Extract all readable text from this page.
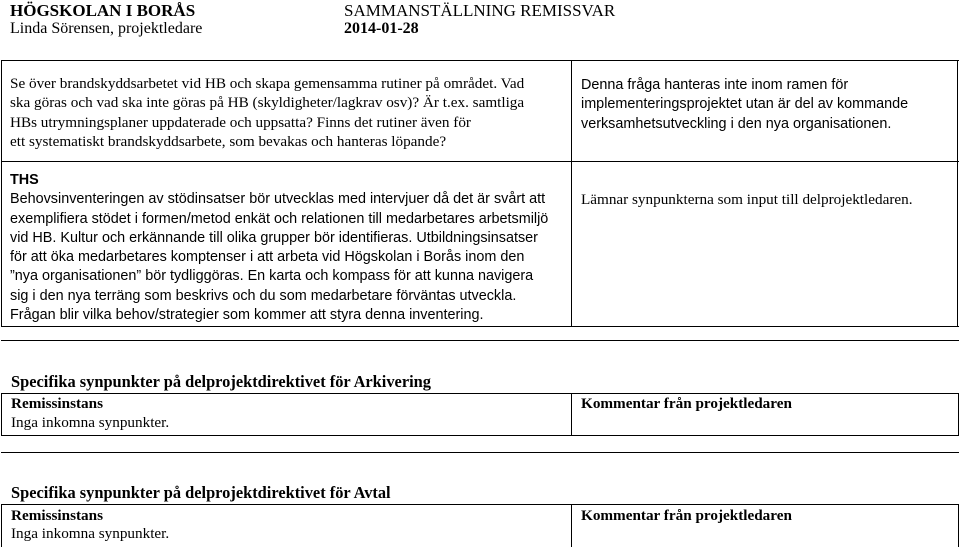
HÖGSKOLAN I BORÅS
Linda Sörensen, projektledare
SAMMANSTÄLLNING REMISSVAR
2014-01-28
Se över brandskyddsarbetet vid HB och skapa gemensamma rutiner på området. Vad
ska göras och vad ska inte göras på HB (skyldigheter/lagkrav osv)? Är t.ex. samtliga
HBs utrymningsplaner uppdaterade och uppsatta? Finns det rutiner även för
ett systematiskt brandskyddsarbete, som bevakas och hanteras löpande?
Denna fråga hanteras inte inom ramen för
implementeringsprojektet utan är del av kommande
verksamhetsutveckling i den nya organisationen.
THS
Behovsinventeringen av stödinsatser bör utvecklas med intervjuer då det är svårt att
exemplifiera stödet i formen/metod enkät och relationen till medarbetares arbetsmiljö
vid HB. Kultur och erkännande till olika grupper bör identifieras. Utbildningsinsatser
för att öka medarbetares komptenser i att arbeta vid Högskolan i Borås inom den
”nya organisationen” bör tydliggöras. En karta och kompass för att kunna navigera
sig i den nya terräng som beskrivs och du som medarbetare förväntas utveckla.
Frågan blir vilka behov/strategier som kommer att styra denna inventering.
Lämnar synpunkterna som input till delprojektledaren.
Specifika synpunkter på delprojektdirektivet för Arkivering
Remissinstans	Kommentar från projektledaren
Inga inkomna synpunkter.
Specifika synpunkter på delprojektdirektivet för Avtal
Remissinstans	Kommentar från projektledaren
Inga inkomna synpunkter.
